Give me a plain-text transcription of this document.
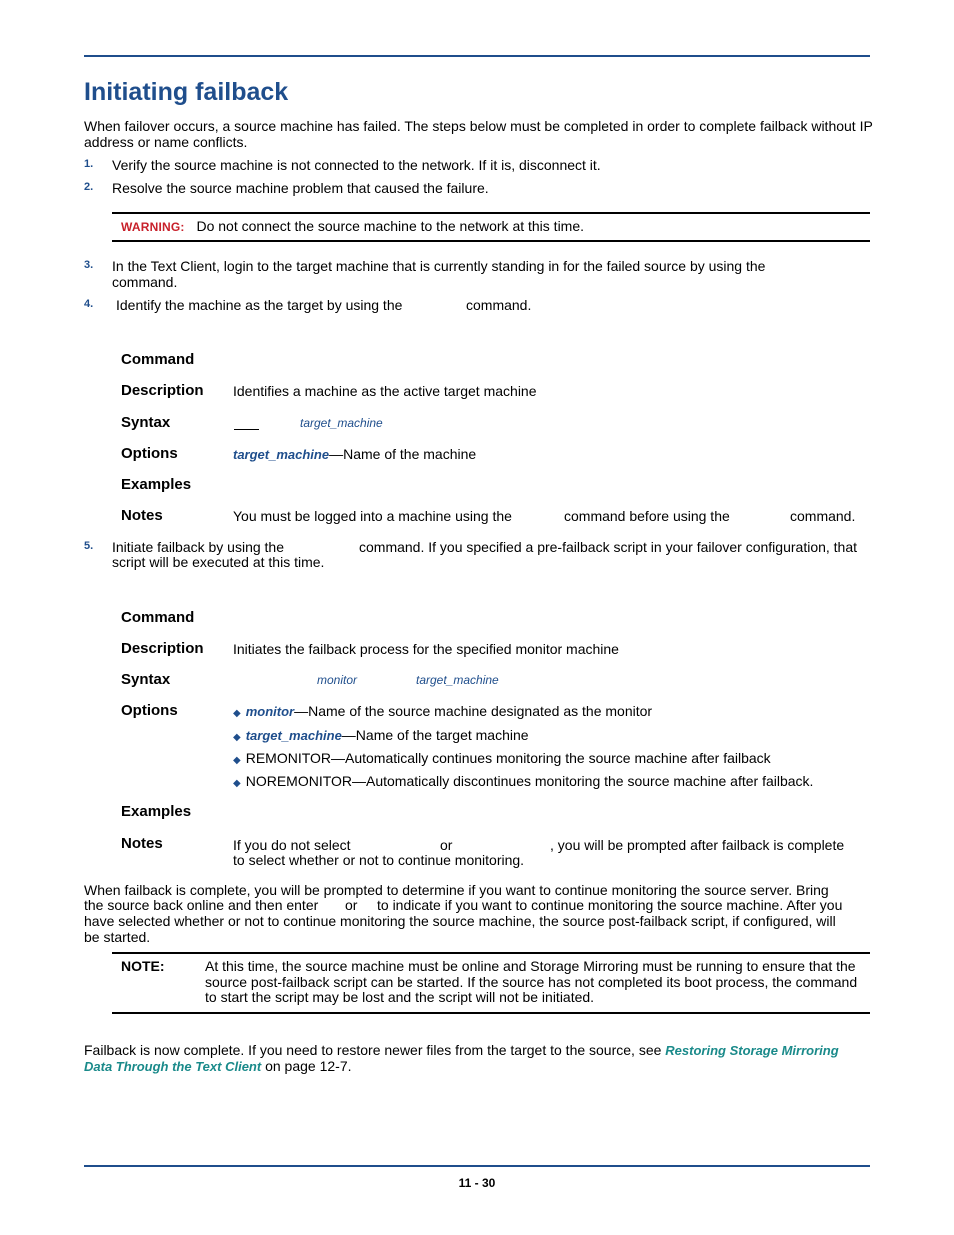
Initiating failback
When failover occurs, a source machine has failed. The steps below must be completed in order to complete failback without IP address or name conflicts.
1. Verify the source machine is not connected to the network. If it is, disconnect it.
2. Resolve the source machine problem that caused the failure.
WARNING: Do not connect the source machine to the network at this time.
3. In the Text Client, login to the target machine that is currently standing in for the failed source by using the
command.
4. Identify the machine as the target by using the	command.
Command
Description Identifies a machine as the active target machine
Syntax	target_machine
Options	target_machine—Name of the machine
Examples
Notes	You must be logged into a machine using the	command before using the	command.
5. Initiate failback by using the	command. If you specified a pre-failback script in your failover configuration, that
script will be executed at this time.
Command
Description Initiates the failback process for the specified monitor machine
Syntax	monitor	target_machine
Options	◆ monitor—Name of the source machine designated as the monitor
◆ target_machine—Name of the target machine
◆ REMONITOR—Automatically continues monitoring the source machine after failback
◆ NOREMONITOR—Automatically discontinues monitoring the source machine after failback.
Examples
Notes	If you do not select	or	, you will be prompted after failback is complete
to select whether or not to continue monitoring.
When failback is complete, you will be prompted to determine if you want to continue monitoring the source server. Bring
the source back online and then enter or to indicate if you want to continue monitoring the source machine. After you
have selected whether or not to continue monitoring the source machine, the source post-failback script, if configured, will
be started.
NOTE:	At this time, the source machine must be online and Storage Mirroring must be running to ensure that the
source post-failback script can be started. If the source has not completed its boot process, the command
to start the script may be lost and the script will not be initiated.
Failback is now complete. If you need to restore newer files from the target to the source, see Restoring Storage Mirroring
Data Through the Text Client on page 12-7.
11 - 30
